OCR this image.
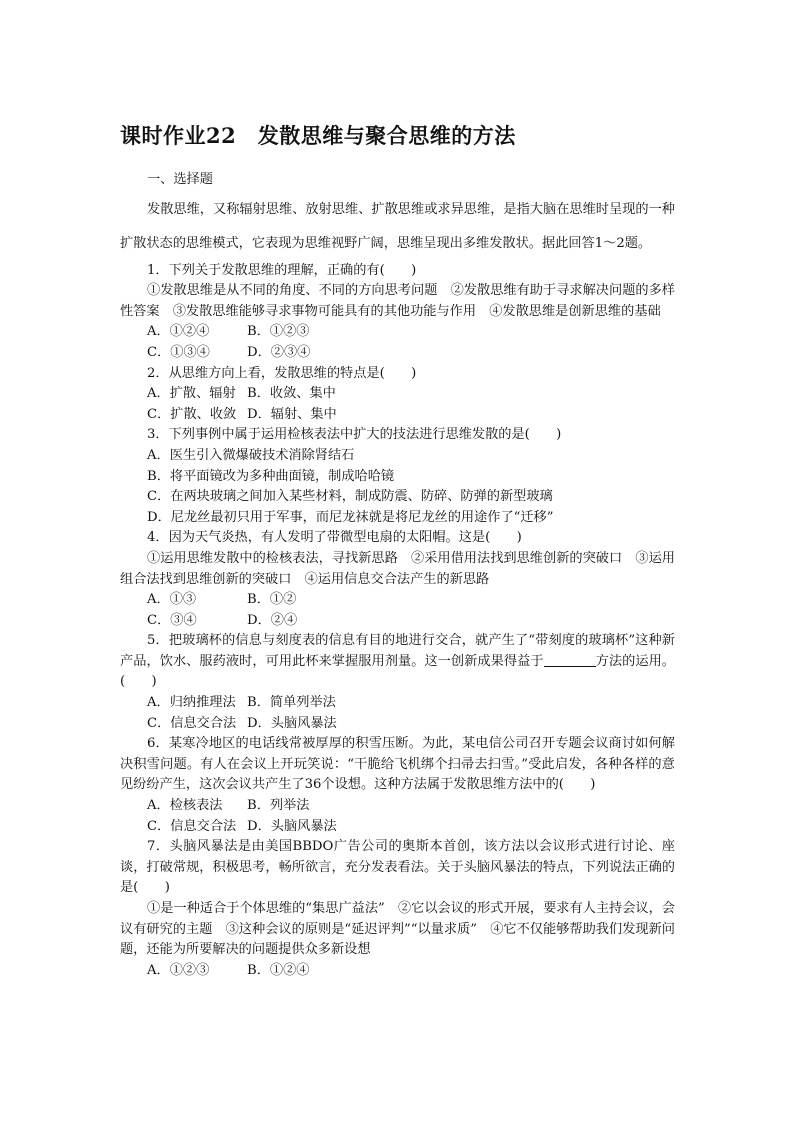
课时作业22　发散思维与聚合思维的方法

一、选择题

发散思维，又称辐射思维、放射思维、扩散思维或求异思维，是指大脑在思维时呈现的一种扩散状态的思维模式，它表现为思维视野广阔，思维呈现出多维发散状。据此回答1～2题。

1．下列关于发散思维的理解，正确的有(　　)

①发散思维是从不同的角度、不同的方向思考问题　②发散思维有助于寻求解决问题的多样性答案　③发散思维能够寻求事物可能具有的其他功能与作用　④发散思维是创新思维的基础

A．①②④	B．①②③

C．①③④	D．②③④

2．从思维方向上看，发散思维的特点是(　　)

A．扩散、辐射 B．收敛、集中

C．扩散、收敛 D．辐射、集中

3．下列事例中属于运用检核表法中扩大的技法进行思维发散的是(　　)

A．医生引入微爆破技术消除肾结石

B．将平面镜改为多种曲面镜，制成哈哈镜

C．在两块玻璃之间加入某些材料，制成防震、防碎、防弹的新型玻璃

D．尼龙丝最初只用于军事，而尼龙袜就是将尼龙丝的用途作了“迁移”

4．因为天气炎热，有人发明了带微型电扇的太阳帽。这是(　　)

①运用思维发散中的检核表法，寻找新思路　②采用借用法找到思维创新的突破口　③运用组合法找到思维创新的突破口　④运用信息交合法产生的新思路

A．①③	B．①②

C．③④	D．②④

5．把玻璃杯的信息与刻度表的信息有目的地进行交合，就产生了“带刻度的玻璃杯”这种新产品，饮水、服药液时，可用此杯来掌握服用剂量。这一创新成果得益于	方法的运用。(　　)

A．归纳推理法 B．简单列举法

C．信息交合法 D．头脑风暴法

6．某寒冷地区的电话线常被厚厚的积雪压断。为此，某电信公司召开专题会议商讨如何解决积雪问题。有人在会议上开玩笑说：“干脆给飞机绑个扫帚去扫雪。”受此启发，各种各样的意见纷纷产生，这次会议共产生了36个设想。这种方法属于发散思维方法中的(　　)

A．检核表法 B．列举法

C．信息交合法 D．头脑风暴法

7．头脑风暴法是由美国BBDO广告公司的奥斯本首创，该方法以会议形式进行讨论、座谈，打破常规，积极思考，畅所欲言，充分发表看法。关于头脑风暴法的特点，下列说法正确的是(　　)

①是一种适合于个体思维的“集思广益法”　②它以会议的形式开展，要求有人主持会议，会议有研究的主题　③这种会议的原则是“延迟评判”“以量求质”　④它不仅能够帮助我们发现新问题，还能为所要解决的问题提供众多新设想

A．①②③	B．①②④
